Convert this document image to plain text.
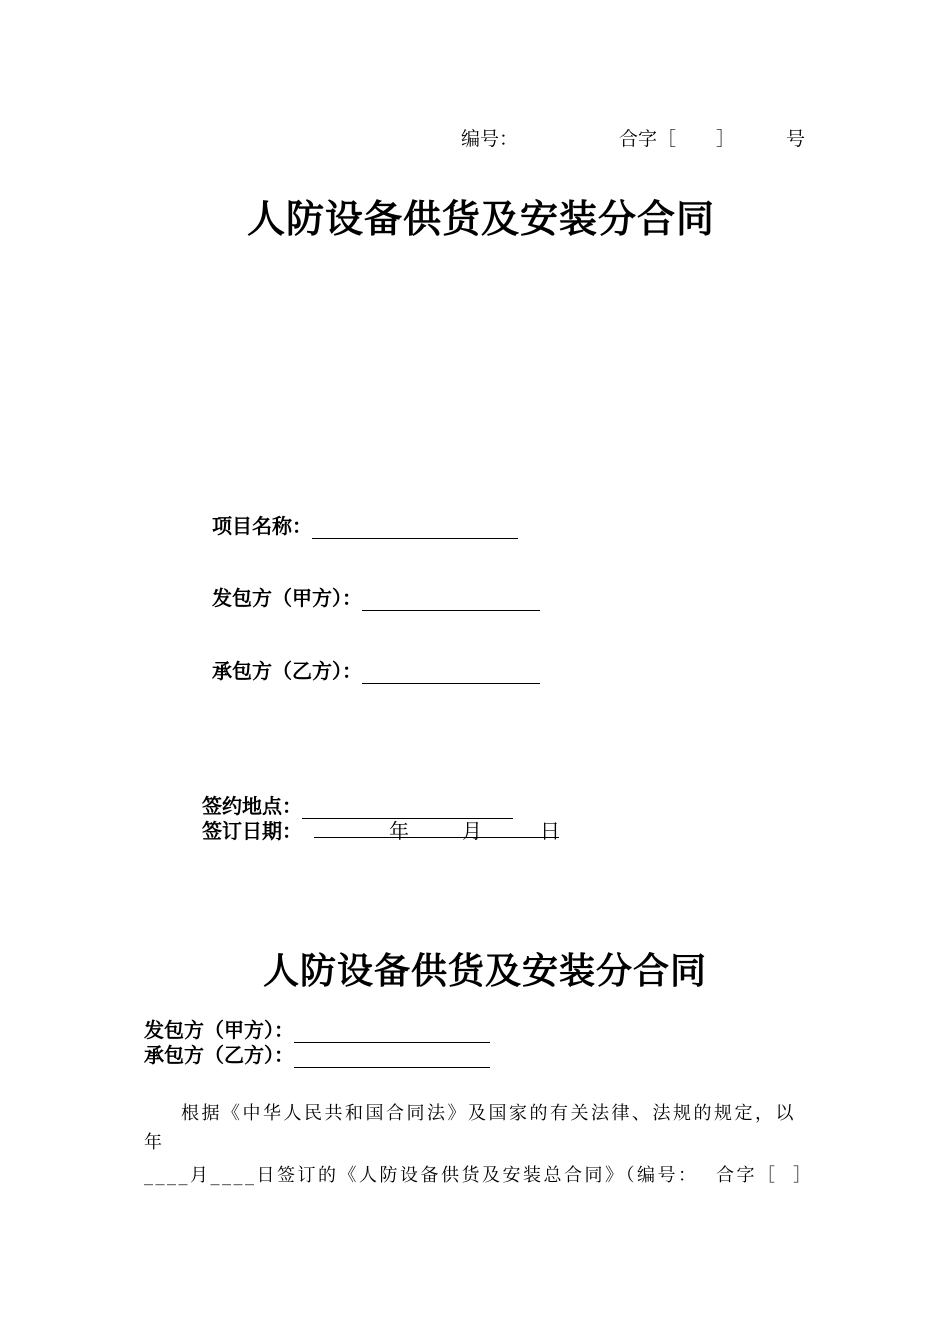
编号：	合字［ ］	号
人防设备供货及安装分合同
项目名称：
发包方（甲方）：
承包方（乙方）：
签约地点：
签订日期：	年	月	日
人防设备供货及安装分合同
发包方（甲方）：
承包方（乙方）：
根据《中华人民共和国合同法》及国家的有关法律、法规的规定，以
年
____月____日签订的《人防设备供货及安装总合同》（编号： 合字［ ］
